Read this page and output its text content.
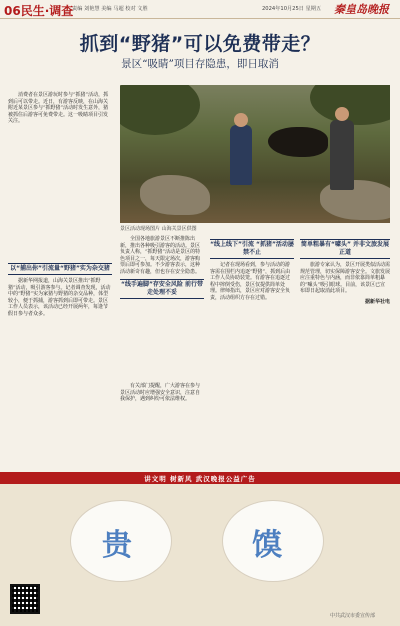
06民生·调查
责编 刘艳慧 美编 马超 校对 文胜	2024年10月25日 星期五 秦皇岛晚报
抓到“野猪”可以免费带走？
景区“吸睛”项目存隐患，即日取消

消费者在景区游玩时参与“抓猪”活动，抓到后可以带走。近日，有游客反映，在山海关附近某景区参与“抓野猪”活动时发生意外，猪被抓住后游客可免费带走。这一吸睛项目引发关注。

景区活动现场图片 山海关景区供图
以“捕出你”引流量“野猪”实为杂交猪

据新华网报道，山海关景区推出“抓野猪”活动，吸引游客参与。记者调查发现，活动中的“野猪”实为家猪与野猪的杂交品种，体型较小，便于抓捕，游客抓到后即可带走。景区工作人员表示，该活动已经开展两年，每逢节假日参与者众多。

全国各地旅游景区不断推陈出新，推出各种吸引游客的活动。景区负责人称，“抓野猪”活动是景区的特色项目之一，每天限定场次，游客购票后即可参加。不少游客表示，这种活动新奇有趣，但也存在安全隐患。

“线手遍脚”存安全风险 前行带走处理不妥

有关部门提醒，广大游客在参与景区活动时应增强安全意识，注意自我保护，遇到纠纷可依法维权。

“线上线下”引流 “抓猪”活动屡禁不止

记者在现场看到，参与活动的游客需在围栏内追逐“野猪”，抓到后由工作人员协助装笼。有游客在追逐过程中摔倒受伤，景区仅提供简单处理。律师指出，景区应对游客安全负责，活动组织方存在过错。

简单粗暴有“噱头” 并非文旅发展正道

旅游专家认为，景区开展类似活动需规范管理，切实保障游客安全。文旅发展应注重特色与内涵，而非依靠简单粗暴的“噱头”吸引眼球。目前，该景区已宣布即日起取消此项目。

据新华社电
讲文明 树新风 武汉晚报公益广告
贵	馍
中共武汉市委宣传部
